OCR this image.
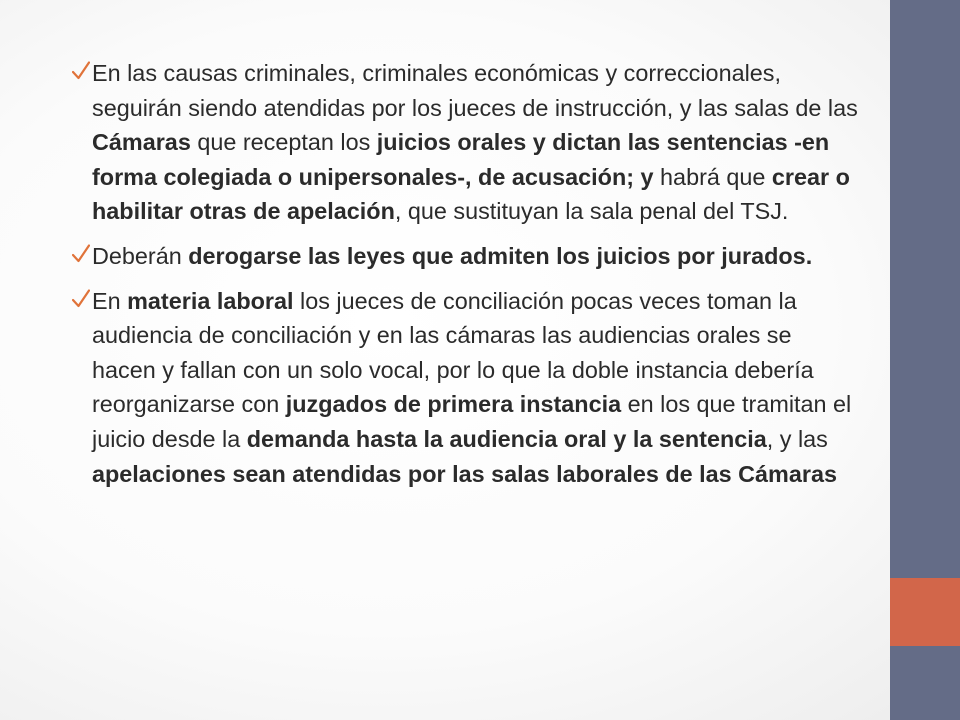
En las causas criminales, criminales económicas y correccionales, seguirán siendo atendidas por los jueces de instrucción, y las salas de las Cámaras que receptan los juicios orales y dictan las sentencias -en forma colegiada o unipersonales-, de acusación; y habrá que crear o habilitar otras de apelación, que sustituyan la sala penal del TSJ.
Deberán derogarse las leyes que admiten los juicios por jurados.
En materia laboral los jueces de conciliación pocas veces toman la audiencia de conciliación y en las cámaras las audiencias orales se hacen y fallan con un solo vocal, por lo que la doble instancia debería reorganizarse con juzgados de primera instancia en los que tramitan el juicio desde la demanda hasta la audiencia oral y la sentencia, y las apelaciones sean atendidas por las salas laborales de las Cámaras
